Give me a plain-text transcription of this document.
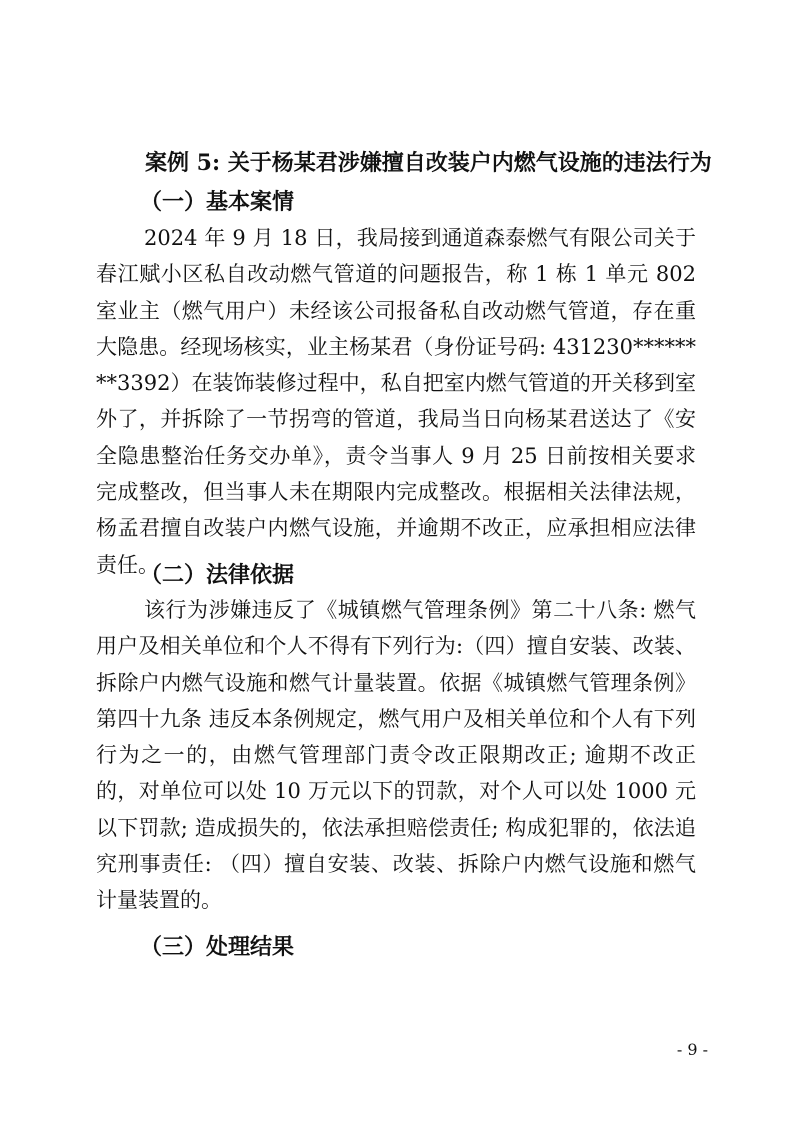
案例 5: 关于杨某君涉嫌擅自改装户内燃气设施的违法行为
（一）基本案情
2024 年 9 月 18 日，我局接到通道森泰燃气有限公司关于春江赋小区私自改动燃气管道的问题报告，称 1 栋 1 单元 802 室业主（燃气用户）未经该公司报备私自改动燃气管道，存在重大隐患。经现场核实，业主杨某君（身份证号码: 431230********3392）在装饰装修过程中，私自把室内燃气管道的开关移到室外了，并拆除了一节拐弯的管道，我局当日向杨某君送达了《安全隐患整治任务交办单》，责令当事人 9 月 25 日前按相关要求完成整改，但当事人未在期限内完成整改。根据相关法律法规，杨孟君擅自改装户内燃气设施，并逾期不改正，应承担相应法律责任。
（二）法律依据
该行为涉嫌违反了《城镇燃气管理条例》第二十八条: 燃气用户及相关单位和个人不得有下列行为:（四）擅自安装、改装、拆除户内燃气设施和燃气计量装置。依据《城镇燃气管理条例》第四十九条 违反本条例规定，燃气用户及相关单位和个人有下列行为之一的，由燃气管理部门责令改正限期改正; 逾期不改正的，对单位可以处 10 万元以下的罚款，对个人可以处 1000 元以下罚款; 造成损失的，依法承担赔偿责任; 构成犯罪的，依法追究刑事责任: （四）擅自安装、改装、拆除户内燃气设施和燃气计量装置的。
（三）处理结果
- 9 -
